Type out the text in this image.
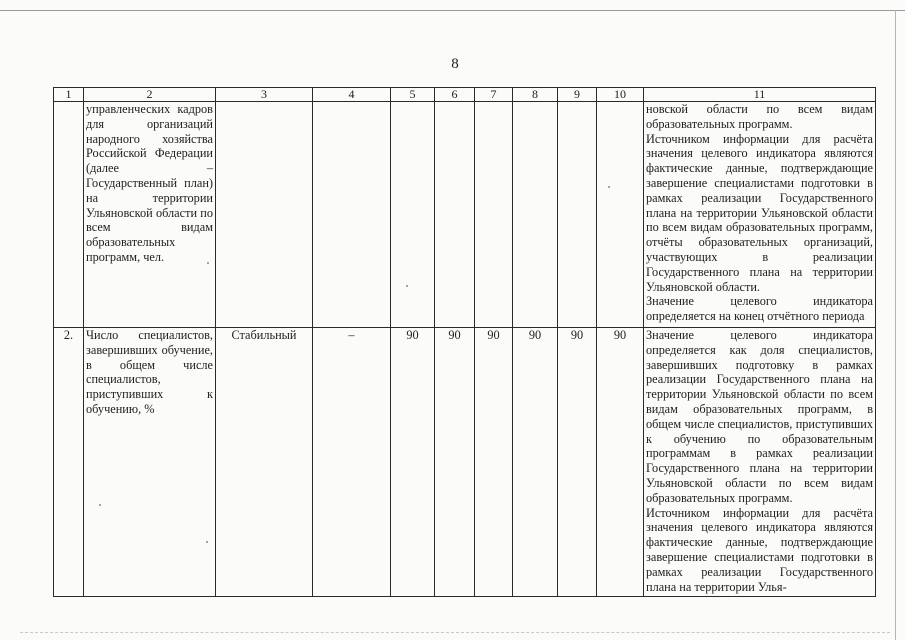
8
1	2	3	4	5	6	7	8	9	10	11
	управленческих кадров для организаций народного хозяйства Российской Федерации (далее – Государственный план) на территории Ульяновской области по всем видам образовательных программ, чел.									новской области по всем видам образовательных программ.

Источником информации для расчёта значения целевого индикатора являются фактические данные, подтверждающие завершение специалистами подготовки в рамках реализации Государственного плана на территории Ульяновской области по всем видам образовательных программ, отчёты образовательных организаций, участвующих в реализации Государственного плана на территории Ульяновской области.

Значение целевого индикатора определяется на конец отчётного периода

2.	Число специалистов, завершивших обучение, в общем числе специалистов, приступивших к обучению, %	Стабильный	–	90	90	90	90	90	90	Значение целевого индикатора определяется как доля специалистов, завершивших подготовку в рамках реализации Государственного плана на территории Ульяновской области по всем видам образовательных программ, в общем числе специалистов, приступивших к обучению по образовательным программам в рамках реализации Государственного плана на территории Ульяновской области по всем видам образовательных программ.

Источником информации для расчёта значения целевого индикатора являются фактические данные, подтверждающие завершение специалистами подготовки в рамках реализации Государственного плана на территории Улья-
